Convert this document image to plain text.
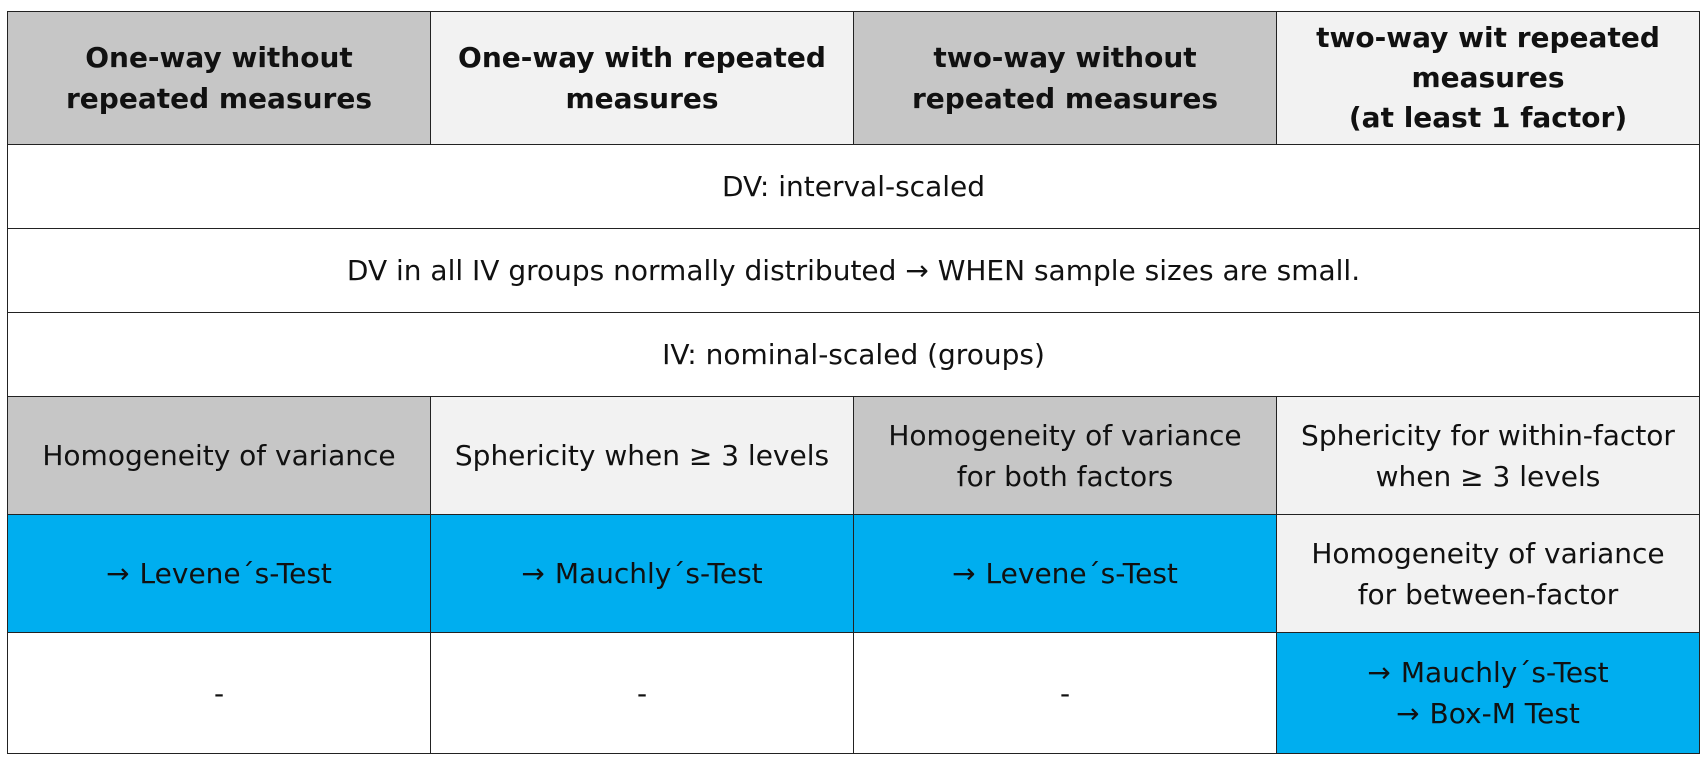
One-way without
repeated measures	One-way with repeated
measures	two-way without
repeated measures	two-way wit repeated
measures
(at least 1 factor)
DV: interval-scaled			
DV in all IV groups normally distributed → WHEN sample sizes are small.			
IV: nominal-scaled (groups)			
Homogeneity of variance	Sphericity when ≥ 3 levels	Homogeneity of variance
for both factors	Sphericity for within-factor
when ≥ 3 levels
→ Levene´s-Test	→ Mauchly´s-Test	→ Levene´s-Test	Homogeneity of variance
for between-factor
-	-	-	→ Mauchly´s-Test
→ Box-M Test
